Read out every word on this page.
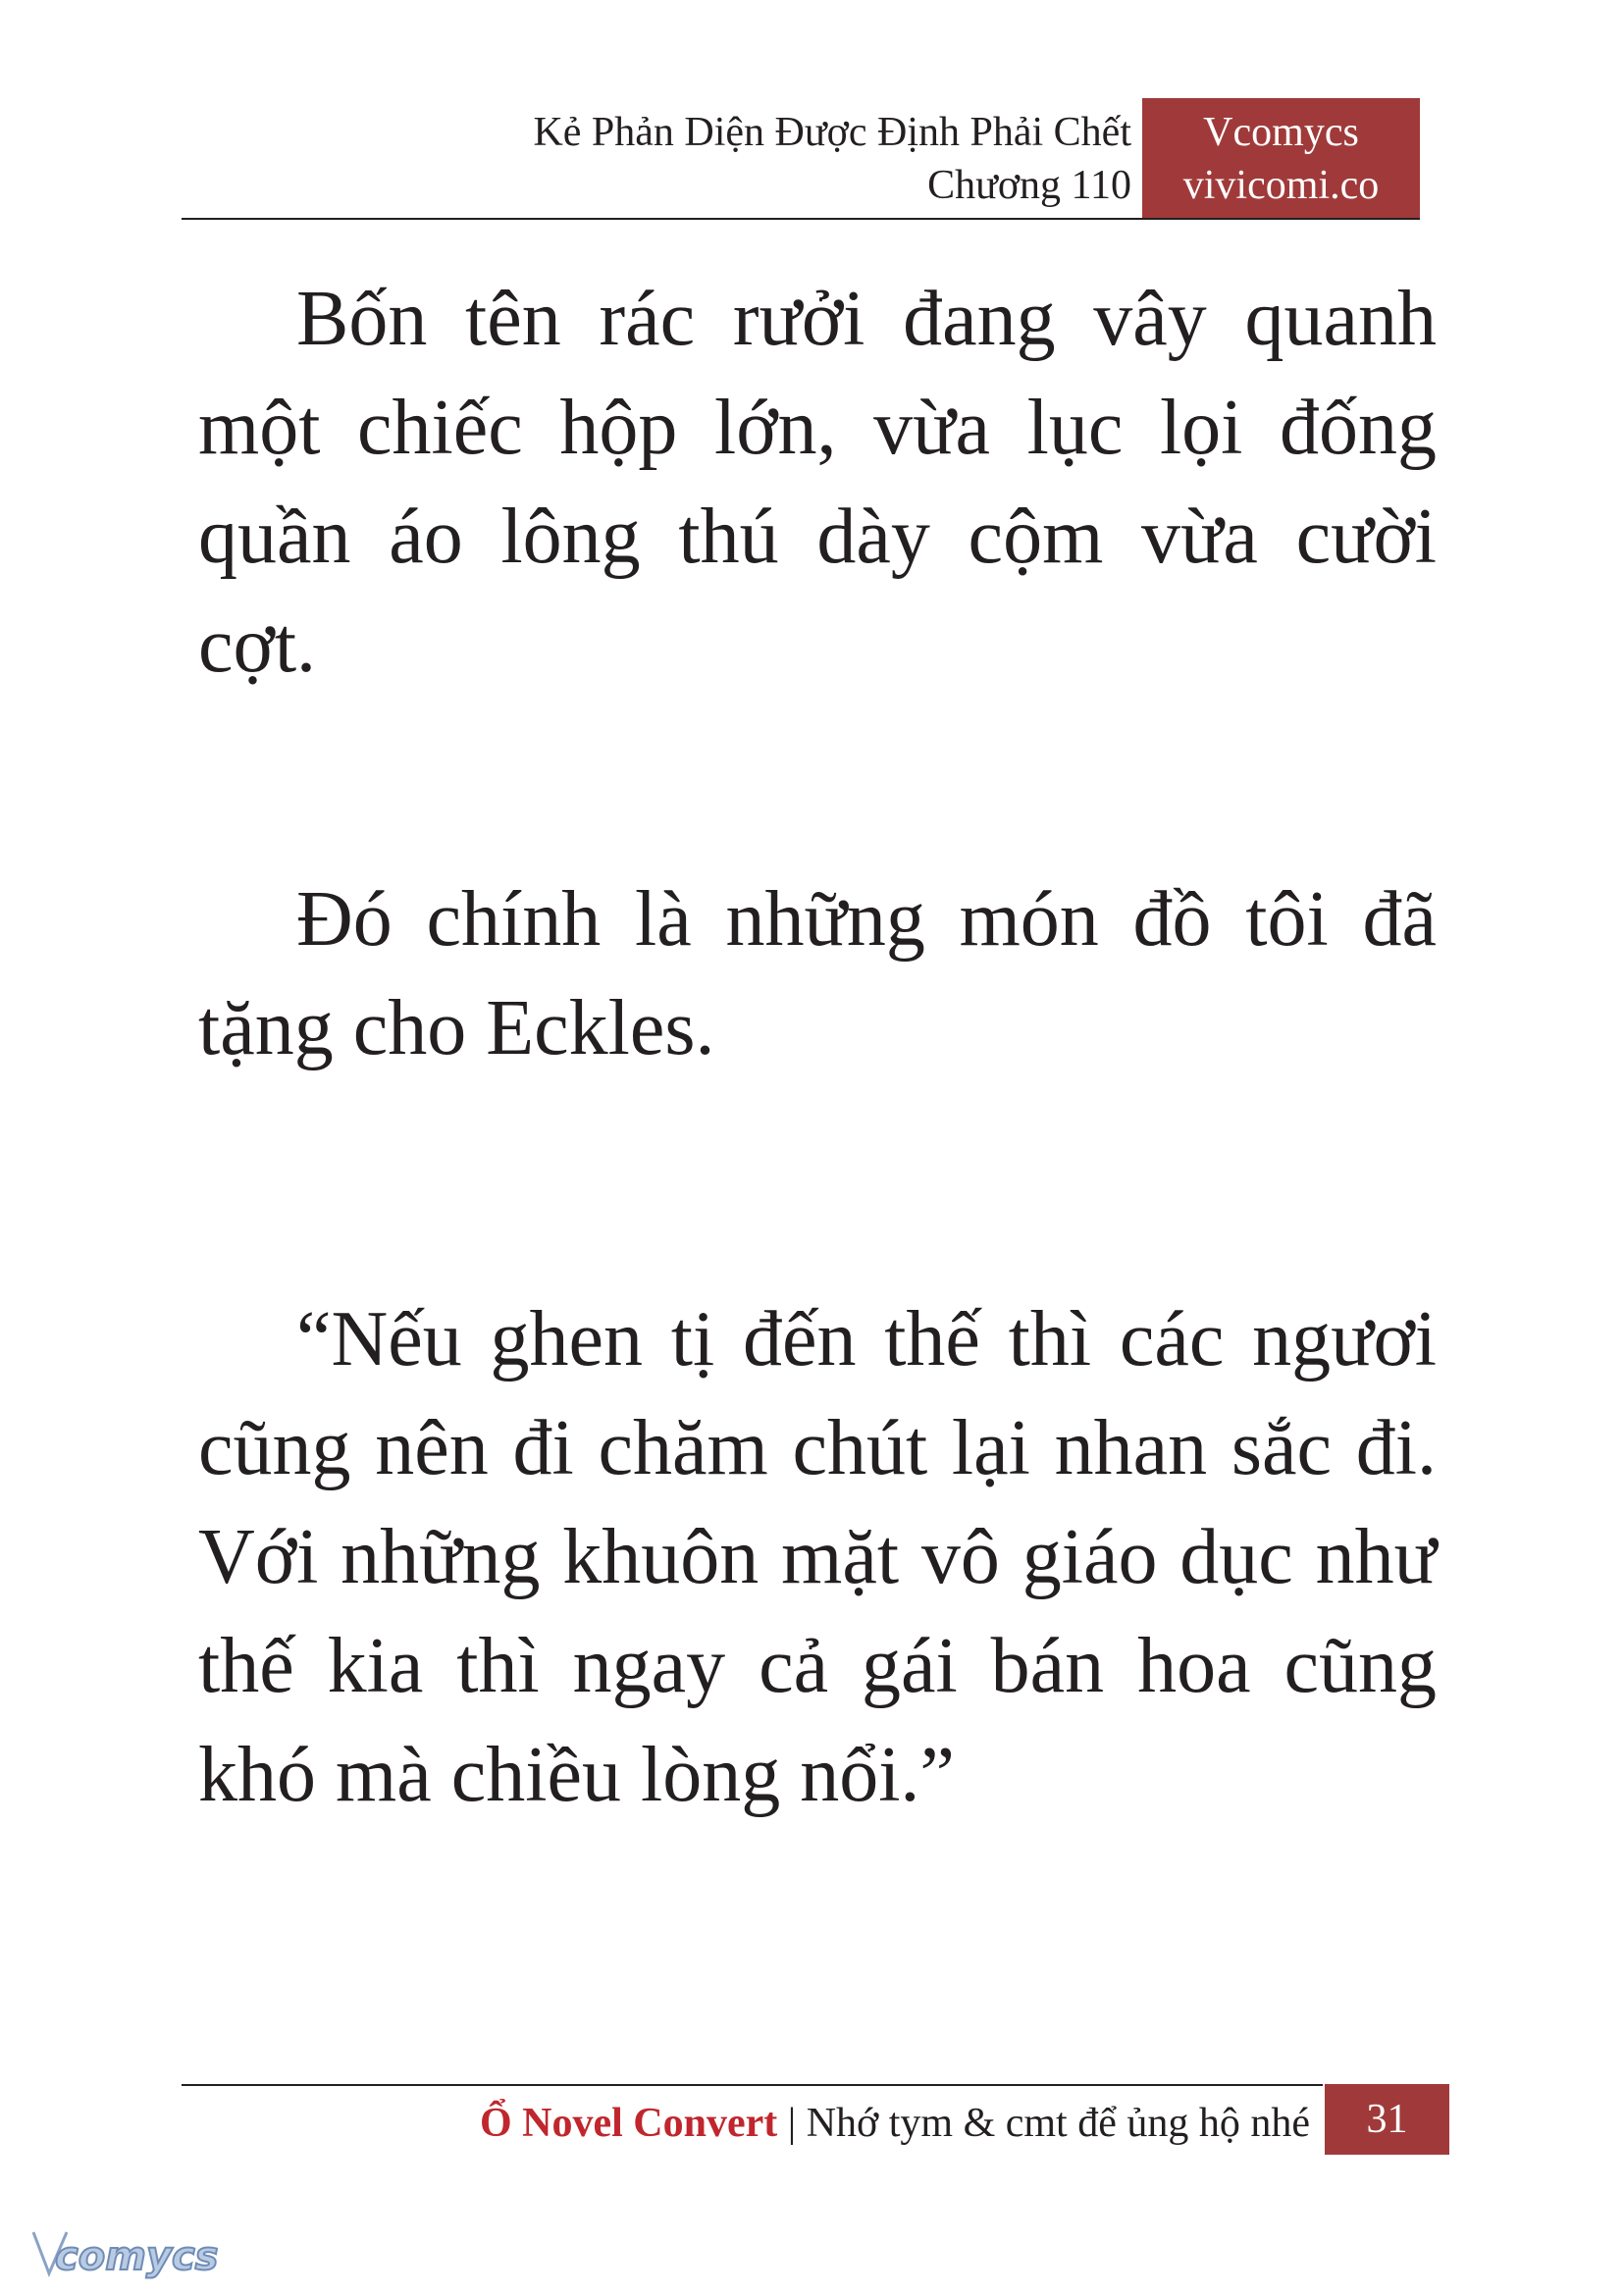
Kẻ Phản Diện Được Định Phải Chết
Chương 110
Vcomycs
vivicomi.co

Bốn tên rác rưởi đang vây quanh một chiếc hộp lớn, vừa lục lọi đống quần áo lông thú dày cộm vừa cười cợt.

Đó chính là những món đồ tôi đã tặng cho Eckles.

“Nếu ghen tị đến thế thì các ngươi cũng nên đi chăm chút lại nhan sắc đi. Với những khuôn mặt vô giáo dục như thế kia thì ngay cả gái bán hoa cũng khó mà chiều lòng nổi.”

Ổ Novel Convert | Nhớ tym & cmt để ủng hộ nhé	31
comycs
